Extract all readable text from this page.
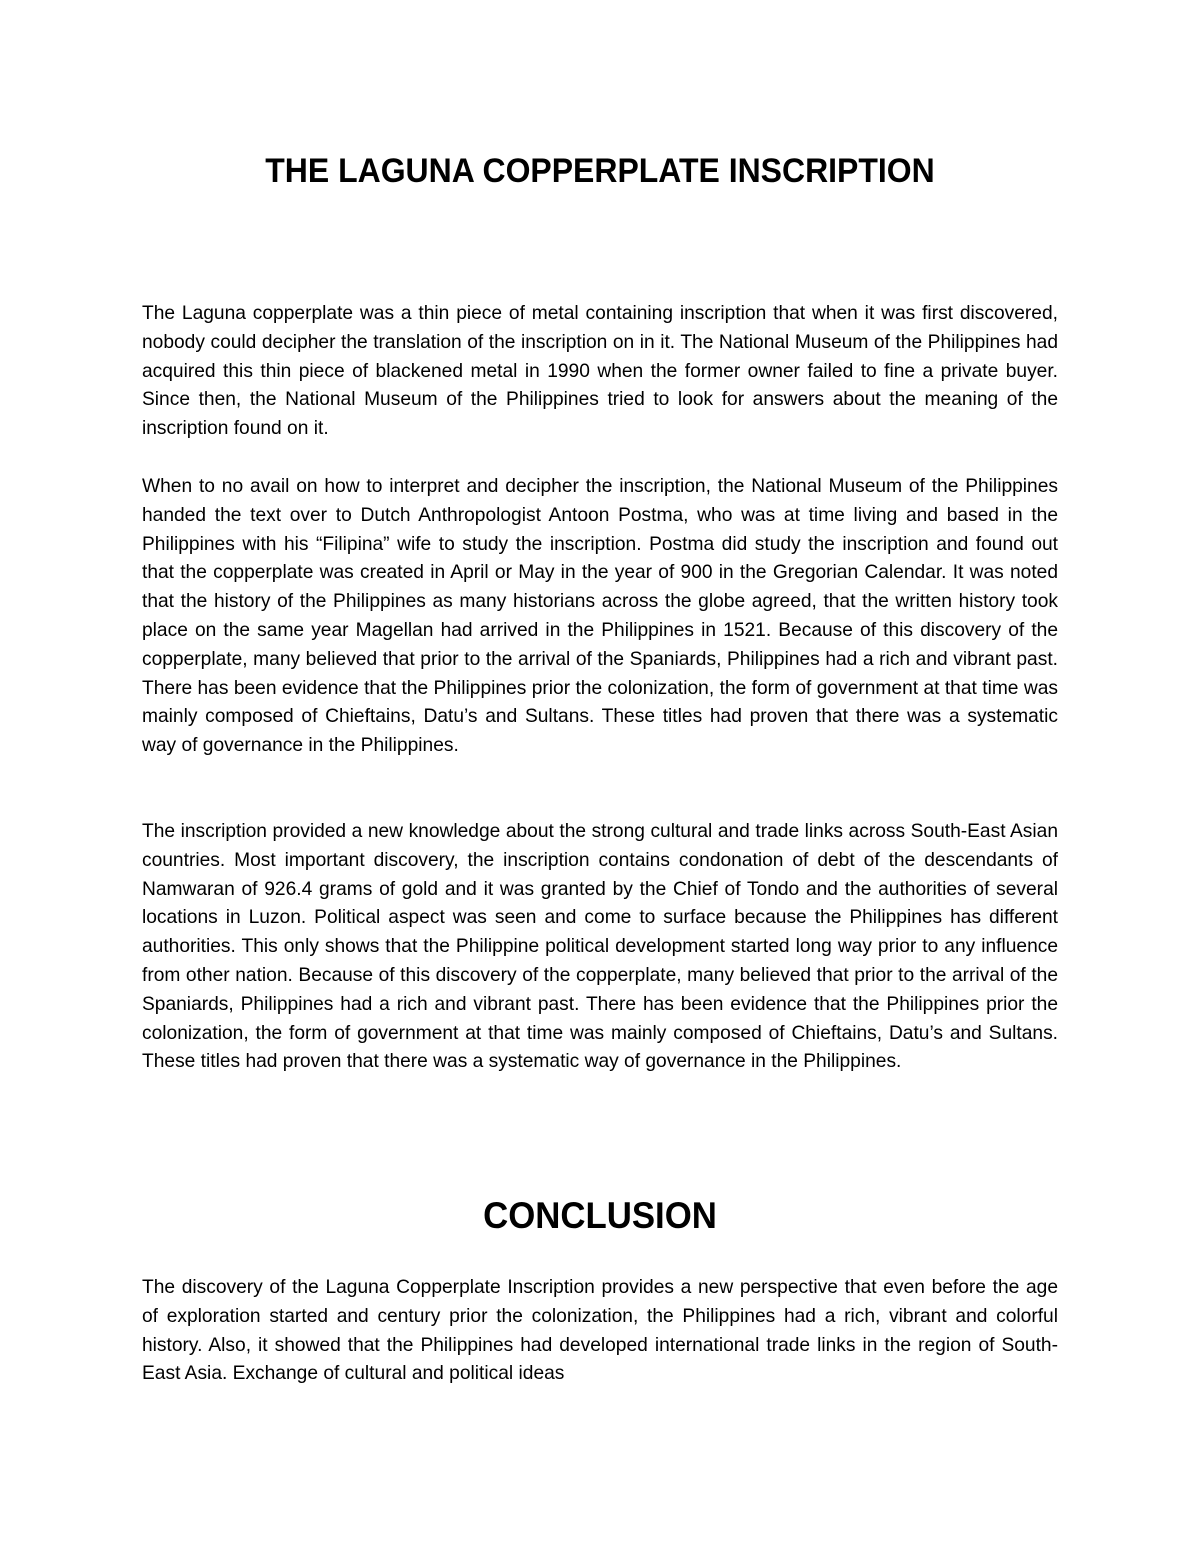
THE LAGUNA COPPERPLATE INSCRIPTION

The Laguna copperplate was a thin piece of metal containing inscription that when it was first discovered, nobody could decipher the translation of the inscription on in it. The National Museum of the Philippines had acquired this thin piece of blackened metal in 1990 when the former owner failed to fine a private buyer. Since then, the National Museum of the Philippines tried to look for answers about the meaning of the inscription found on it.

When to no avail on how to interpret and decipher the inscription, the National Museum of the Philippines handed the text over to Dutch Anthropologist Antoon Postma, who was at time living and based in the Philippines with his “Filipina” wife to study the inscription. Postma did study the inscription and found out that the copperplate was created in April or May in the year of 900 in the Gregorian Calendar. It was noted that the history of the Philippines as many historians across the globe agreed, that the written history took place on the same year Magellan had arrived in the Philippines in 1521. Because of this discovery of the copperplate, many believed that prior to the arrival of the Spaniards, Philippines had a rich and vibrant past. There has been evidence that the Philippines prior the colonization, the form of government at that time was mainly composed of Chieftains, Datu’s and Sultans. These titles had proven that there was a systematic way of governance in the Philippines.

The inscription provided a new knowledge about the strong cultural and trade links across South-East Asian countries. Most important discovery, the inscription contains condonation of debt of the descendants of Namwaran of 926.4 grams of gold and it was granted by the Chief of Tondo and the authorities of several locations in Luzon. Political aspect was seen and come to surface because the Philippines has different authorities. This only shows that the Philippine political development started long way prior to any influence from other nation. Because of this discovery of the copperplate, many believed that prior to the arrival of the Spaniards, Philippines had a rich and vibrant past. There has been evidence that the Philippines prior the colonization, the form of government at that time was mainly composed of Chieftains, Datu’s and Sultans. These titles had proven that there was a systematic way of governance in the Philippines.

CONCLUSION

The discovery of the Laguna Copperplate Inscription provides a new perspective that even before the age of exploration started and century prior the colonization, the Philippines had a rich, vibrant and colorful history. Also, it showed that the Philippines had developed international trade links in the region of South-East Asia. Exchange of cultural and political ideas
